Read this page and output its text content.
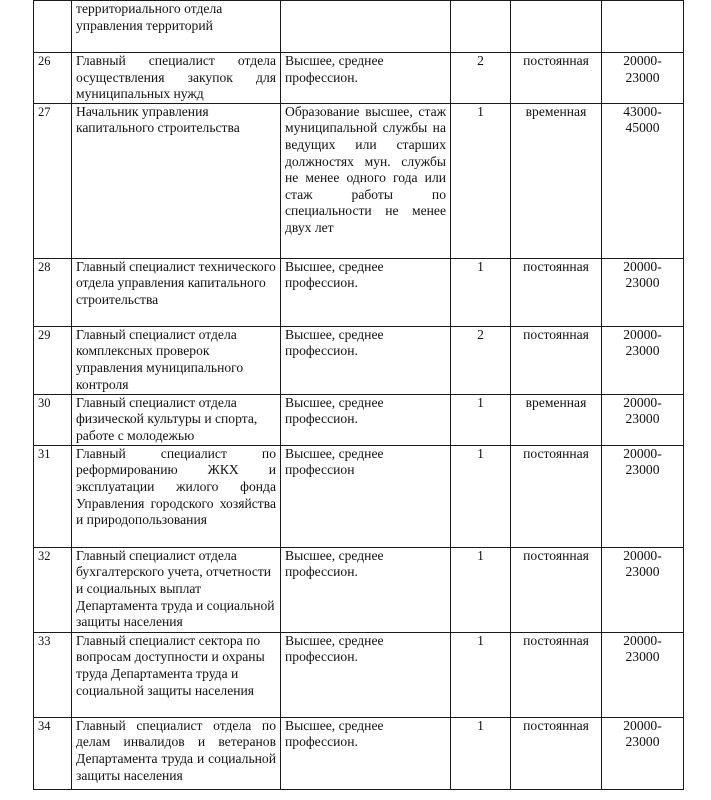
	территориального отдела управления территорий				

26	Главный специалист отдела осуществления закупок для муниципальных нужд	Высшее, среднее профессион.	2	постоянная	20000-
23000

27	Начальник управления капитального строительства	Образование высшее, стаж муниципальной службы на ведущих или старших должностях мун. службы не менее одного года или стаж работы по специальности не менее двух лет	1	временная	43000-
45000

28	Главный специалист технического отдела управления капитального строительства	Высшее, среднее профессион.	1	постоянная	20000-
23000

29	Главный специалист отдела комплексных проверок управления муниципального контроля	Высшее, среднее профессион.	2	постоянная	20000-
23000

30	Главный специалист отдела физической культуры и спорта, работе с молодежью	Высшее, среднее профессион.	1	временная	20000-
23000

31	Главный специалист по реформированию ЖКХ и эксплуатации жилого фонда Управления городского хозяйства и природопользования	Высшее, среднее профессион	1	постоянная	20000-
23000

32	Главный специалист отдела бухгалтерского учета, отчетности и социальных выплат Департамента труда и социальной защиты населения	Высшее, среднее профессион.	1	постоянная	20000-
23000

33	Главный специалист сектора по вопросам доступности и охраны труда Департамента труда и социальной защиты населения	Высшее, среднее профессион.	1	постоянная	20000-
23000

34	Главный специалист отдела по делам инвалидов и ветеранов Департамента труда и социальной защиты населения	Высшее, среднее профессион.	1	постоянная	20000-
23000
